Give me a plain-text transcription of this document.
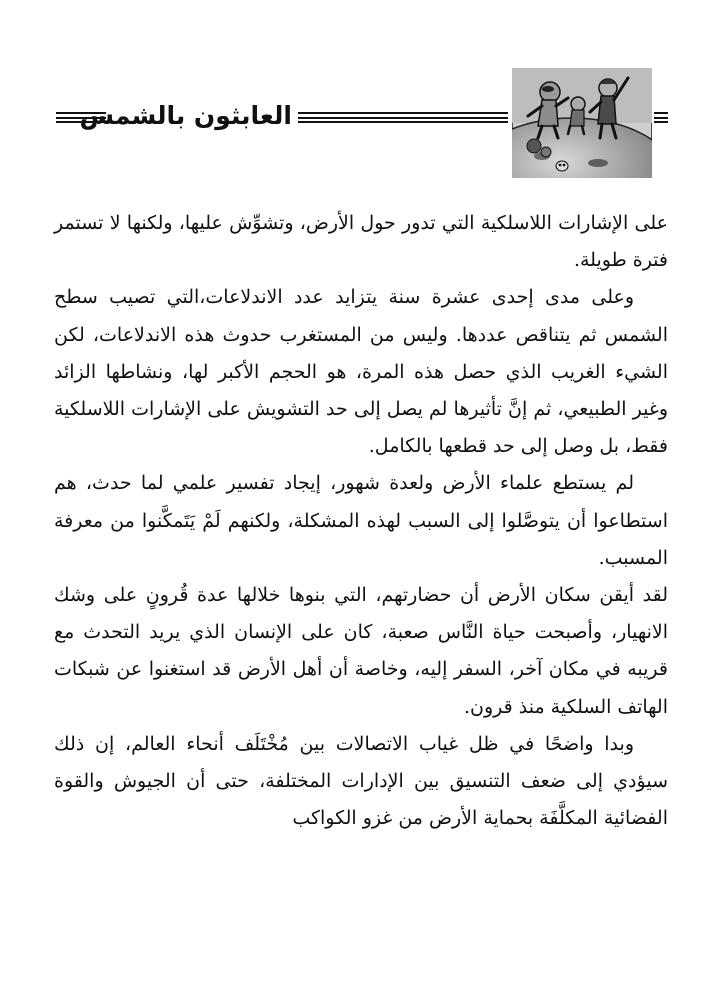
العابثون بالشمس

على الإشارات اللاسلكية التي تدور حول الأرض، وتشوِّش عليها، ولكنها لا تستمر فترة طويلة.

وعلى مدى إحدى عشرة سنة يتزايد عدد الاندلاعات،التي تصيب سطح الشمس ثم يتناقص عددها. وليس من المستغرب حدوث هذه الاندلاعات، لكن الشيء الغريب الذي حصل هذه المرة، هو الحجم الأكبر لها، ونشاطها الزائد وغير الطبيعي، ثم إنَّ تأثيرها لم يصل إلى حد التشويش على الإشارات اللاسلكية فقط، بل وصل إلى حد قطعها بالكامل.

لم يستطع علماء الأرض ولعدة شهور، إيجاد تفسير علمي لما حدث، هم استطاعوا أن يتوصَّلوا إلى السبب لهذه المشكلة، ولكنهم لَمْ يَتَمكَّنوا من معرفة المسبب.

لقد أيقن سكان الأرض أن حضارتهم، التي بنوها خلالها عدة قُرونٍ على وشك الانهيار، وأصبحت حياة النَّاس صعبة، كان على الإنسان الذي يريد التحدث مع قريبه في مكان آخر، السفر إليه، وخاصة أن أهل الأرض قد استغنوا عن شبكات الهاتف السلكية منذ قرون.

وبدا واضحًا في ظل غياب الاتصالات بين مُخْتَلَف أنحاء العالم، إن ذلك سيؤدي إلى ضعف التنسيق بين الإدارات المختلفة، حتى أن الجيوش والقوة الفضائية المكلَّفَة بحماية الأرض من غزو الكواكب
